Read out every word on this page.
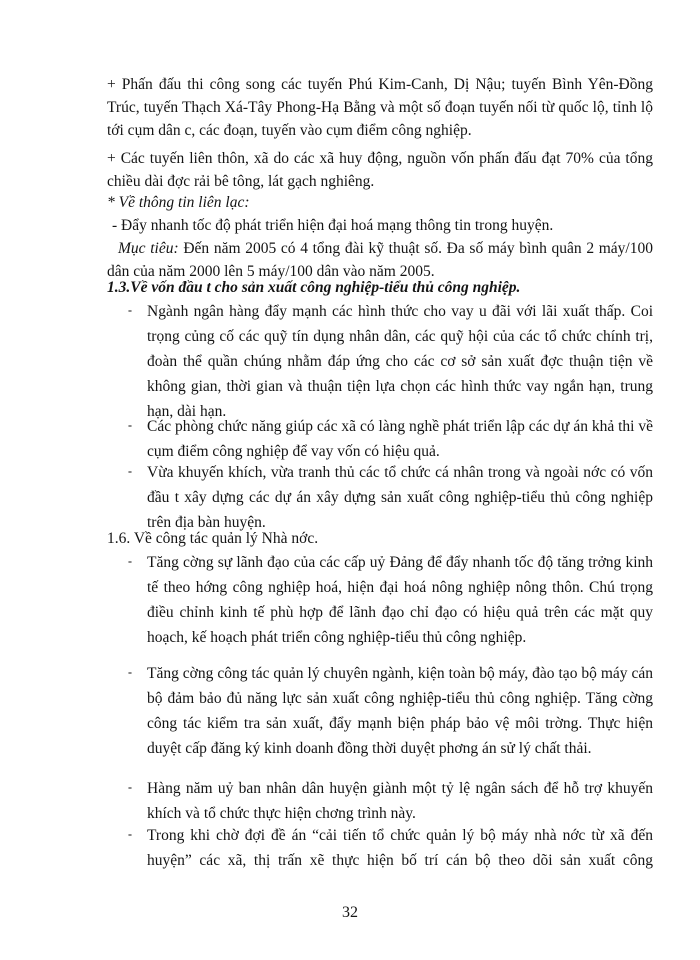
+ Phấn đấu thi công song các tuyến Phú Kim-Canh, Dị Nậu; tuyến Bình Yên-Đồng Trúc, tuyến Thạch Xá-Tây Phong-Hạ Bằng và một số đoạn tuyến nối từ quốc lộ, tỉnh lộ tới cụm dân c, các đoạn, tuyến vào cụm điểm công nghiệp.

+ Các tuyến liên thôn, xã do các xã huy động, nguồn vốn phấn đấu đạt 70% của tổng chiều dài đợc rải bê tông, lát gạch nghiêng.

* Về thông tin liên lạc:

- Đẩy nhanh tốc độ phát triển hiện đại hoá mạng thông tin trong huyện.

Mục tiêu: Đến năm 2005 có 4 tổng đài kỹ thuật số. Đa số máy bình quân 2 máy/100 dân của năm 2000 lên 5 máy/100 dân vào năm 2005.

1.3.Về vốn đầu t cho sản xuất công nghiệp-tiểu thủ công nghiệp.

- Ngành ngân hàng đẩy mạnh các hình thức cho vay u đãi với lãi xuất thấp. Coi trọng củng cố các quỹ tín dụng nhân dân, các quỹ hội của các tổ chức chính trị, đoàn thể quần chúng nhằm đáp ứng cho các cơ sở sản xuất đợc thuận tiện về không gian, thời gian và thuận tiện lựa chọn các hình thức vay ngắn hạn, trung hạn, dài hạn.

- Các phòng chức năng giúp các xã có làng nghề phát triển lập các dự án khả thi về cụm điểm công nghiệp để vay vốn có hiệu quả.

- Vừa khuyến khích, vừa tranh thủ các tổ chức cá nhân trong và ngoài nớc có vốn đầu t xây dựng các dự án xây dựng sản xuất công nghiệp-tiểu thủ công nghiệp trên địa bàn huyện.

1.6. Về công tác quản lý Nhà nớc.

- Tăng cờng sự lãnh đạo của các cấp uỷ Đảng để đẩy nhanh tốc độ tăng trởng kinh tế theo hớng công nghiệp hoá, hiện đại hoá nông nghiệp nông thôn. Chú trọng điều chỉnh kinh tế phù hợp để lãnh đạo chỉ đạo có hiệu quả trên các mặt quy hoạch, kế hoạch phát triển công nghiệp-tiểu thủ công nghiệp.

- Tăng cờng công tác quản lý chuyên ngành, kiện toàn bộ máy, đào tạo bộ máy cán bộ đảm bảo đủ năng lực sản xuất công nghiệp-tiểu thủ công nghiệp. Tăng cờng công tác kiểm tra sản xuất, đẩy mạnh biện pháp bảo vệ môi trờng. Thực hiện duyệt cấp đăng ký kinh doanh đồng thời duyệt phơng án sử lý chất thải.

- Hàng năm uỷ ban nhân dân huyện giành một tỷ lệ ngân sách để hỗ trợ khuyến khích và tổ chức thực hiện chơng trình này.

- Trong khi chờ đợi đề án “cải tiến tổ chức quản lý bộ máy nhà nớc từ xã đến huyện” các xã, thị trấn xẽ thực hiện bố trí cán bộ theo dõi sản xuất công

32
